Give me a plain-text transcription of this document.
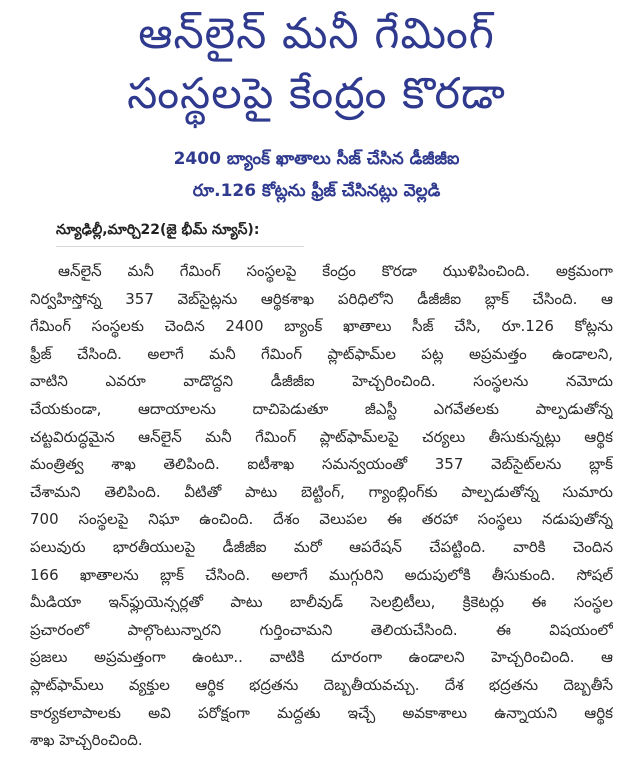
ఆన్‌లైన్ మనీ గేమింగ్
సంస్థలపై కేంద్రం కొరడా
2400 బ్యాంక్ ఖాతాలు సీజ్ చేసిన డీజీజీఐ
రూ.126 కోట్లను ఫ్రీజ్ చేసినట్లు వెల్లడి
న్యూఢిల్లీ,మార్చి22(జై భీమ్ న్యూస్):
ఆన్‌లైన్ మనీ గేమింగ్ సంస్థలపై కేంద్రం కొరడా ఝుళిపించింది. అక్రమంగా
నిర్వహిస్తోన్న 357 వెబ్‌సైట్లను ఆర్థికశాఖ పరిధిలోని డీజీజీఐ బ్లాక్ చేసింది. ఆ
గేమింగ్ సంస్థలకు చెందిన 2400 బ్యాంక్ ఖాతాలు సీజ్ చేసి, రూ.126 కోట్లను
ఫ్రీజ్ చేసింది. అలాగే మనీ గేమింగ్ ప్లాట్‌ఫామ్‌ల పట్ల అప్రమత్తం ఉండాలని,
వాటిని ఎవరూ వాడొద్దని డీజీజీఐ హెచ్చరించింది. సంస్థలను నమోదు
చేయకుండా, ఆదాయాలను దాచిపెడుతూ జీఎస్టీ ఎగవేతలకు పాల్పడుతోన్న
చట్టవిరుద్ధమైన ఆన్‌లైన్ మనీ గేమింగ్ ప్లాట్‌ఫామ్‌లపై చర్యలు తీసుకున్నట్లు ఆర్థిక
మంత్రిత్వ శాఖ తెలిపింది. ఐటీశాఖ సమన్వయంతో 357 వెబ్‌సైట్‌లను బ్లాక్
చేశామని తెలిపింది. వీటితో పాటు బెట్టింగ్, గ్యాంబ్లింగ్‌కు పాల్పడుతోన్న సుమారు
700 సంస్థలపై నిఘా ఉంచింది. దేశం వెలుపల ఈ తరహా సంస్థలు నడుపుతోన్న
పలువురు భారతీయులపై డీజీజీఐ మరో ఆపరేషన్ చేపట్టింది. వారికి చెందిన
166 ఖాతాలను బ్లాక్ చేసింది. అలాగే ముగ్గురిని అదుపులోకి తీసుకుంది. సోషల్
మీడియా ఇన్‌ఫ్లుయెన్సర్లతో పాటు బాలీవుడ్ సెలబ్రిటీలు, క్రికెటర్లు ఈ సంస్థల
ప్రచారంలో పాల్గొంటున్నారని గుర్తించామని తెలియచేసింది. ఈ విషయంలో
ప్రజలు అప్రమత్తంగా ఉంటూ.. వాటికి దూరంగా ఉండాలని హెచ్చరించింది. ఆ
ప్లాట్‌ఫామ్‌లు వ్యక్తుల ఆర్థిక భద్రతను దెబ్బతీయవచ్చు. దేశ భద్రతను దెబ్బతీసే
కార్యకలాపాలకు అవి పరోక్షంగా మద్దతు ఇచ్చే అవకాశాలు ఉన్నాయని ఆర్థిక
శాఖ హెచ్చరించింది.
